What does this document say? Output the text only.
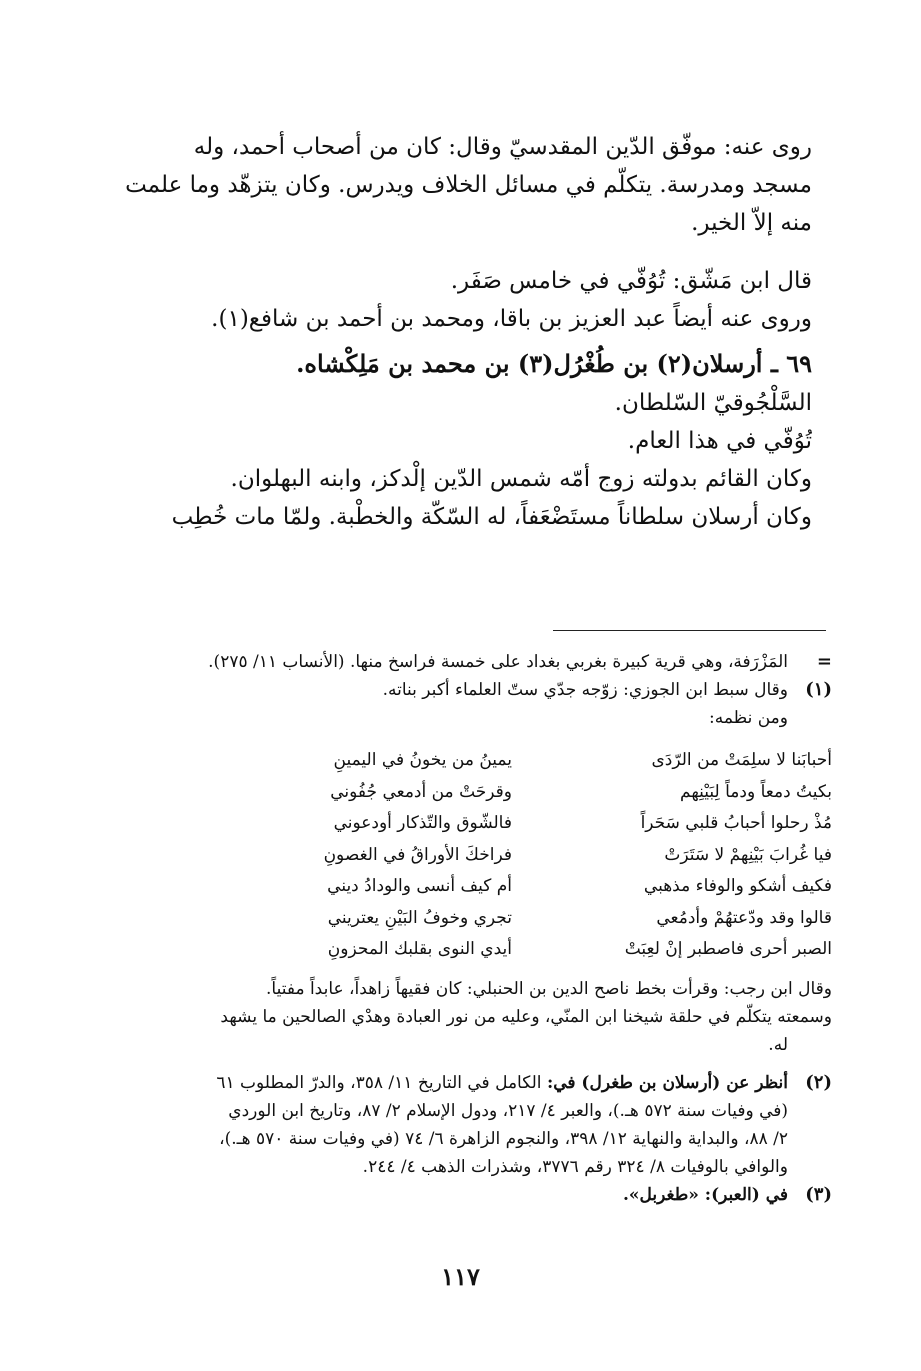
روى عنه: موفّق الدّين المقدسيّ وقال: كان من أصحاب أحمد، وله
مسجد ومدرسة. يتكلّم في مسائل الخلاف ويدرس. وكان يتزهّد وما علمت
منه إلاّ الخير.
قال ابن مَشّق: تُوُفّي في خامس صَفَر.
وروى عنه أيضاً عبد العزيز بن باقا، ومحمد بن أحمد بن شافع(١).
٦٩ ـ أرسلان(٢) بن طُغْرُل(٣) بن محمد بن مَلِكْشاه.
السَّلْجُوقيّ السّلطان.
تُوُفّي في هذا العام.
وكان القائم بدولته زوج أمّه شمس الدّين إلْدكز، وابنه البهلوان.
وكان أرسلان سلطاناً مستَضْعَفاً، له السّكّة والخطْبة. ولمّا مات خُطِب
=
المَزْرَفة، وهي قرية كبيرة بغربي بغداد على خمسة فراسخ منها. (الأنساب ١١/ ٢٧٥).
(١)
وقال سبط ابن الجوزي: زوّجه جدّي ستّ العلماء أكبر بناته.
ومن نظمه:
أحبابَنا لا سلِمَتْ من الرّدَى
يمينُ من يخونُ في اليمينِ
بكيتُ دمعاً ودماً لِبَيْنِهم
وقرحَتْ من أدمعي جُفُوني
مُذْ رحلوا أحبابُ قلبي سَحَراً
فالشّوق والتّذكار أودعوني
فيا غُرابَ بَيْنِهمْ لا سَتَرَتْ
فراخكَ الأوراقُ في الغصونِ
فكيف أشكو والوفاء مذهبي
أم كيف أنسى والودادُ ديني
قالوا وقد ودّعتهُمْ وأدمُعي
تجري وخوفُ البَيْنِ يعتريني
الصبر أحرى فاصطبر إنْ لعِبَتْ
أيدي النوى بقلبك المحزونِ
وقال ابن رجب: وقرأت بخط ناصح الدين بن الحنبلي: كان فقيهاً زاهداً، عابداً مفتياً.
وسمعته يتكلّم في حلقة شيخنا ابن المنّي، وعليه من نور العبادة وهدْي الصالحين ما يشهد
له.
(٢)
أنظر عن (أرسلان بن طغرل) في: الكامل في التاريخ ١١/ ٣٥٨، والدرّ المطلوب ٦١
(في وفيات سنة ٥٧٢ هـ.)، والعبر ٤/ ٢١٧، ودول الإسلام ٢/ ٨٧، وتاريخ ابن الوردي
٢/ ٨٨، والبداية والنهاية ١٢/ ٣٩٨، والنجوم الزاهرة ٦/ ٧٤ (في وفيات سنة ٥٧٠ هـ.)،
والوافي بالوفيات ٨/ ٣٢٤ رقم ٣٧٧٦، وشذرات الذهب ٤/ ٢٤٤.
(٣)
في (العبر): «طغربل».
١١٧
